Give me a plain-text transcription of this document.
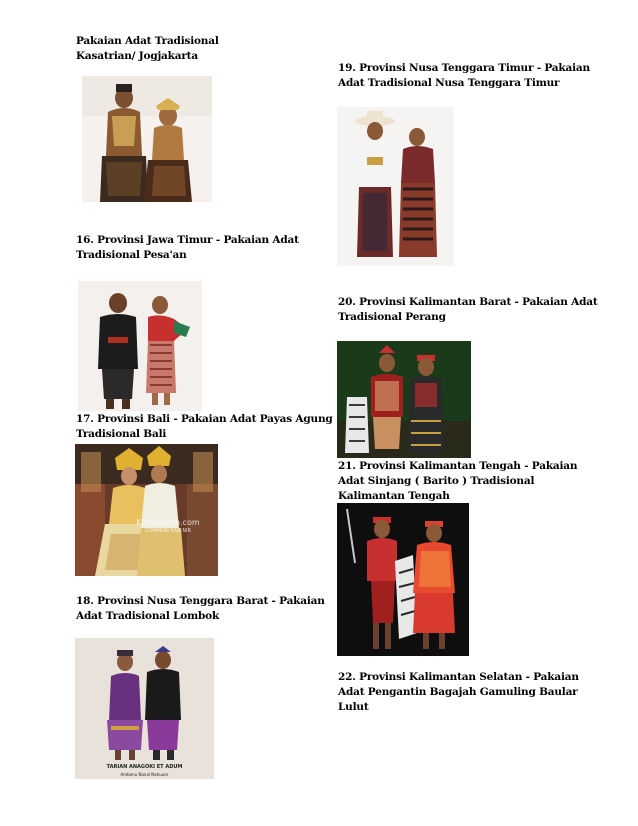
Pakaian Adat Tradisional
Kasatrian/ Jogjakarta
16. Provinsi Jawa Timur - Pakaian Adat
Tradisional Pesa'an
17. Provinsi Bali - Pakaian Adat Payas Agung
Tradisional Bali
Kidnasalon.com
COMMON SAN NIR
18. Provinsi Nusa Tenggara Barat - Pakaian
Adat Tradisional Lombok
TARIAN ANAGOKI ET ADUM
Ambenu Nanal Nahuuer
19. Provinsi Nusa Tenggara Timur - Pakaian
Adat Tradisional Nusa Tenggara Timur
20. Provinsi Kalimantan Barat - Pakaian Adat
Tradisional Perang
21. Provinsi Kalimantan Tengah - Pakaian
Adat Sinjang ( Barito ) Tradisional
Kalimantan Tengah
22. Provinsi Kalimantan Selatan - Pakaian
Adat Pengantin Bagajah Gamuling Baular
Lulut
